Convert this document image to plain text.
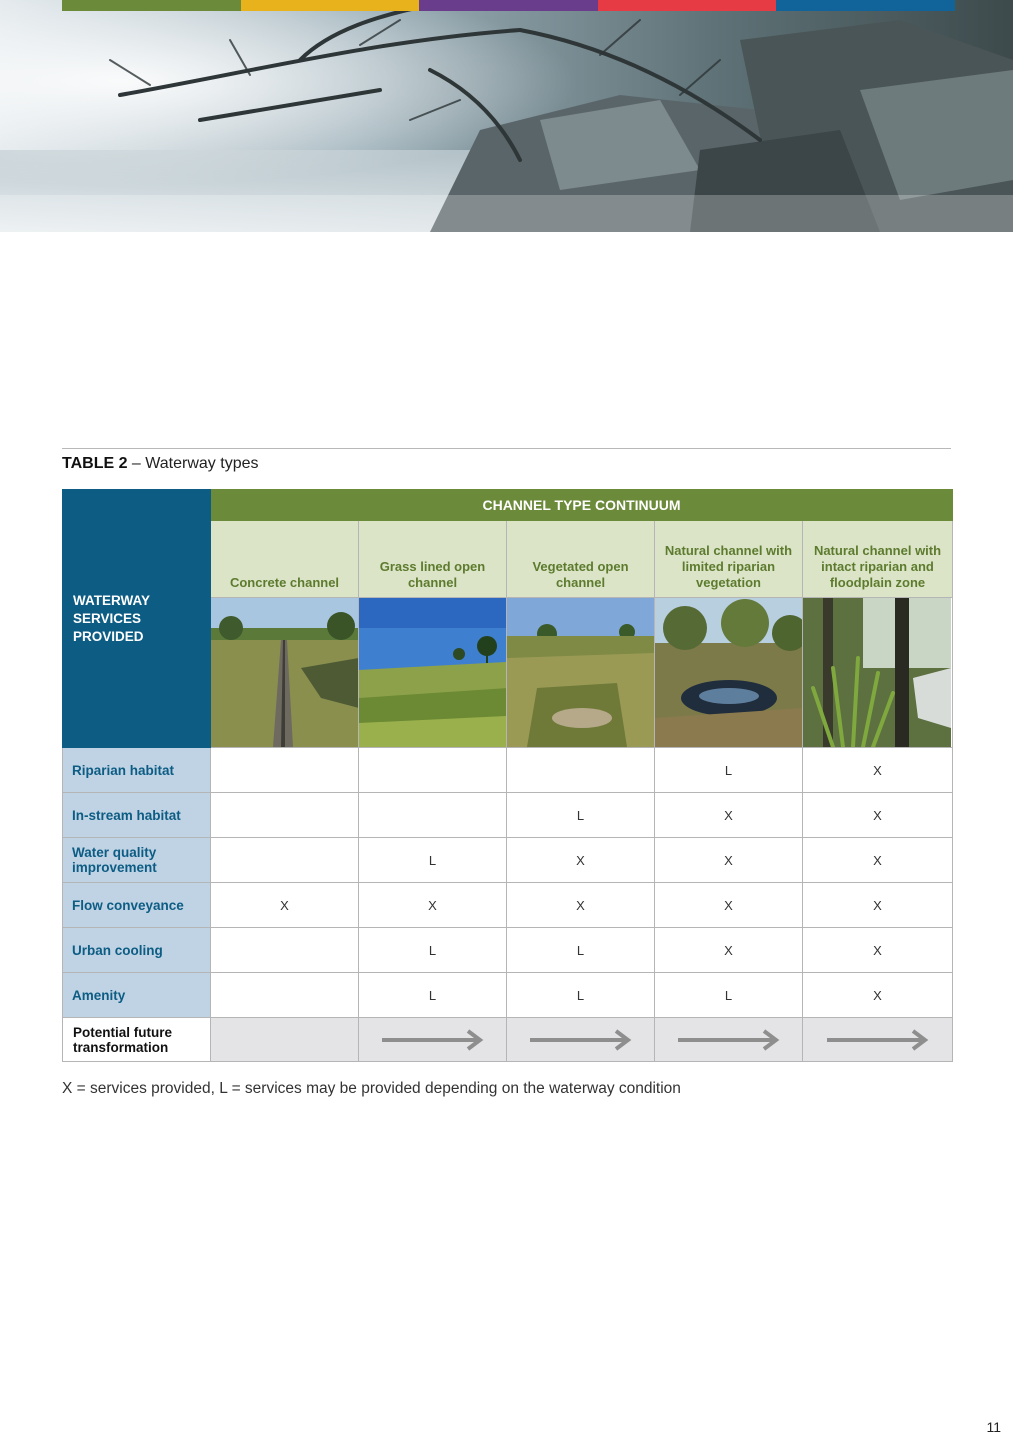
TABLE 2 – Waterway types
WATERWAY SERVICES PROVIDED	CHANNEL TYPE CONTINUUM				
	Concrete channel	Grass lined open channel	Vegetated open channel	Natural channel with limited riparian vegetation	Natural channel with intact riparian and floodplain zone

Riparian habitat				L	X
In-stream habitat			L	X	X
Water quality improvement		L	X	X	X
Flow conveyance	X	X	X	X	X
Urban cooling		L	L	X	X
Amenity		L	L	L	X
Potential future transformation		

X = services provided, L = services may be provided depending on the waterway condition
11
